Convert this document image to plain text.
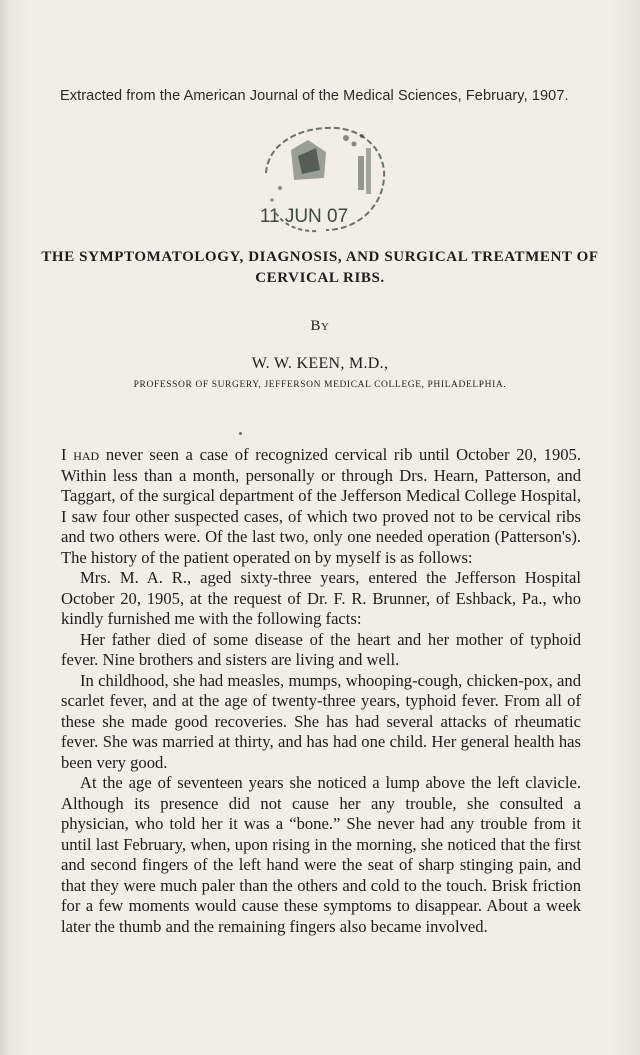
Extracted from the American Journal of the Medical Sciences, February, 1907.
11 JUN 07
THE SYMPTOMATOLOGY, DIAGNOSIS, AND SURGICAL TREATMENT OF CERVICAL RIBS.
By
W. W. KEEN, M.D.,
PROFESSOR OF SURGERY, JEFFERSON MEDICAL COLLEGE, PHILADELPHIA.

I had never seen a case of recognized cervical rib until October 20, 1905. Within less than a month, personally or through Drs. Hearn, Patterson, and Taggart, of the surgical department of the Jefferson Medical College Hospital, I saw four other suspected cases, of which two proved not to be cervical ribs and two others were. Of the last two, only one needed operation (Patterson's). The history of the patient operated on by myself is as follows:

Mrs. M. A. R., aged sixty-three years, entered the Jefferson Hospital October 20, 1905, at the request of Dr. F. R. Brunner, of Eshback, Pa., who kindly furnished me with the following facts:

Her father died of some disease of the heart and her mother of typhoid fever. Nine brothers and sisters are living and well.

In childhood, she had measles, mumps, whooping-cough, chicken-pox, and scarlet fever, and at the age of twenty-three years, typhoid fever. From all of these she made good recoveries. She has had several attacks of rheumatic fever. She was married at thirty, and has had one child. Her general health has been very good.

At the age of seventeen years she noticed a lump above the left clavicle. Although its presence did not cause her any trouble, she consulted a physician, who told her it was a “bone.” She never had any trouble from it until last February, when, upon rising in the morning, she noticed that the first and second fingers of the left hand were the seat of sharp stinging pain, and that they were much paler than the others and cold to the touch. Brisk friction for a few moments would cause these symptoms to disappear. About a week later the thumb and the remaining fingers also became involved.
